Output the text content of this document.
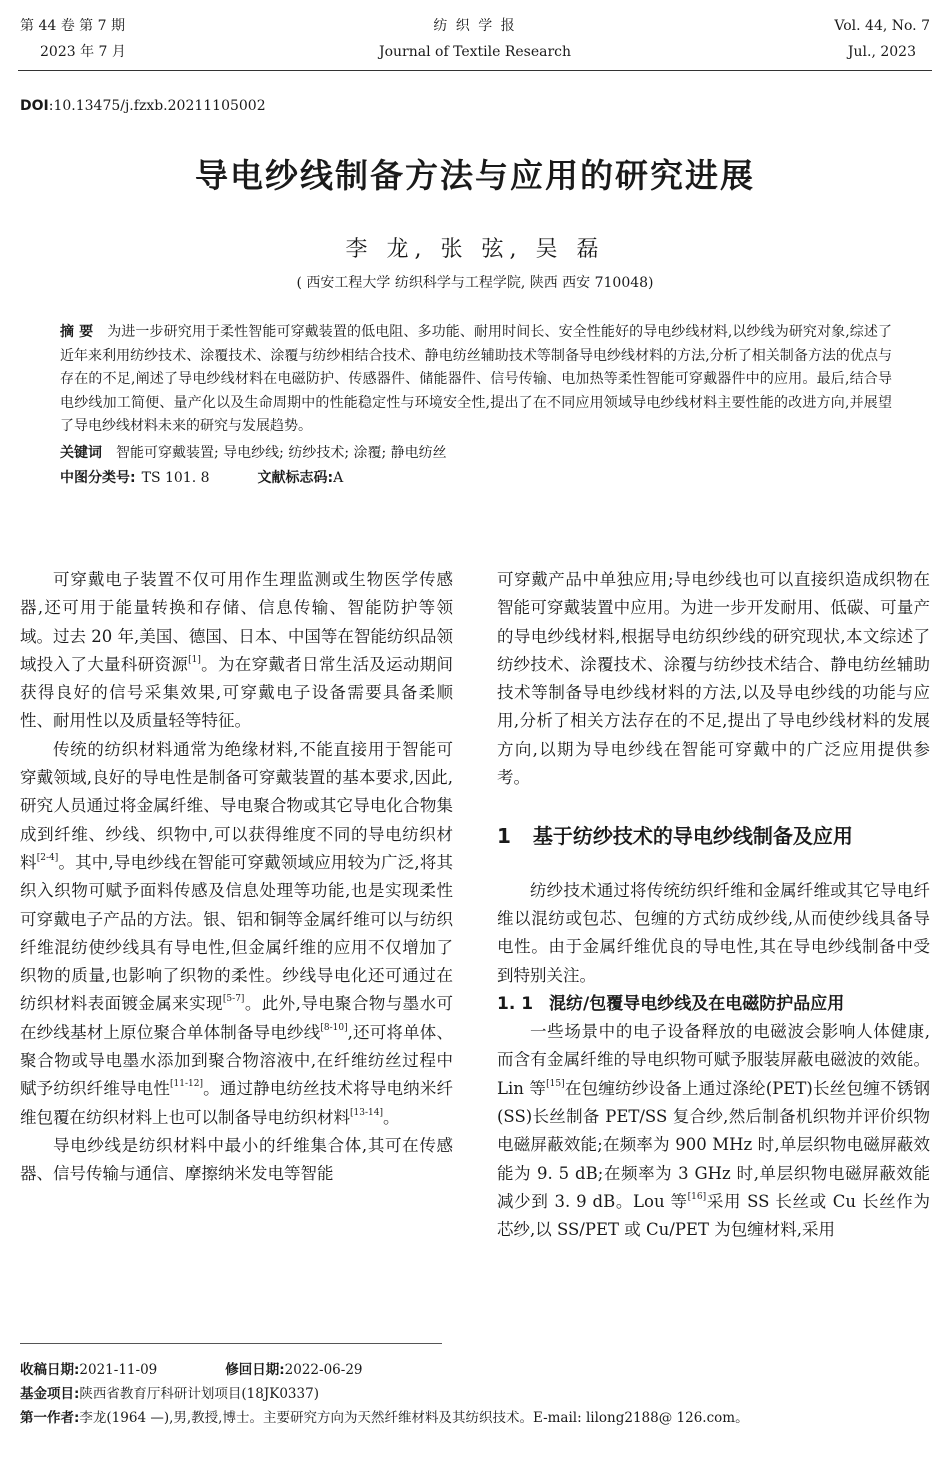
第 44 卷 第 7 期
2023 年 7 月
纺 织 学 报
Journal of Textile Research
Vol. 44, No. 7
Jul., 2023
DOI:10.13475/j.fzxb.20211105002
导电纱线制备方法与应用的研究进展
李 龙, 张 弦, 吴 磊
( 西安工程大学 纺织科学与工程学院, 陕西 西安 710048)
摘 要 为进一步研究用于柔性智能可穿戴装置的低电阻、多功能、耐用时间长、安全性能好的导电纱线材料,以纱线为研究对象,综述了近年来利用纺纱技术、涂覆技术、涂覆与纺纱相结合技术、静电纺丝辅助技术等制备导电纱线材料的方法,分析了相关制备方法的优点与存在的不足,阐述了导电纱线材料在电磁防护、传感器件、储能器件、信号传输、电加热等柔性智能可穿戴器件中的应用。最后,结合导电纱线加工简便、量产化以及生命周期中的性能稳定性与环境安全性,提出了在不同应用领域导电纱线材料主要性能的改进方向,并展望了导电纱线材料未来的研究与发展趋势。
关键词 智能可穿戴装置; 导电纱线; 纺纱技术; 涂覆; 静电纺丝
中图分类号: TS 101. 8	文献标志码:A

可穿戴电子装置不仅可用作生理监测或生物医学传感器,还可用于能量转换和存储、信息传输、智能防护等领域。过去 20 年,美国、德国、日本、中国等在智能纺织品领域投入了大量科研资源[1]。为在穿戴者日常生活及运动期间获得良好的信号采集效果,可穿戴电子设备需要具备柔顺性、耐用性以及质量轻等特征。

传统的纺织材料通常为绝缘材料,不能直接用于智能可穿戴领域,良好的导电性是制备可穿戴装置的基本要求,因此,研究人员通过将金属纤维、导电聚合物或其它导电化合物集成到纤维、纱线、织物中,可以获得维度不同的导电纺织材料[2-4]。其中,导电纱线在智能可穿戴领域应用较为广泛,将其织入织物可赋予面料传感及信息处理等功能,也是实现柔性可穿戴电子产品的方法。银、铝和铜等金属纤维可以与纺织纤维混纺使纱线具有导电性,但金属纤维的应用不仅增加了织物的质量,也影响了织物的柔性。纱线导电化还可通过在纺织材料表面镀金属来实现[5-7]。此外,导电聚合物与墨水可在纱线基材上原位聚合单体制备导电纱线[8-10],还可将单体、聚合物或导电墨水添加到聚合物溶液中,在纤维纺丝过程中赋予纺织纤维导电性[11-12]。通过静电纺丝技术将导电纳米纤维包覆在纺织材料上也可以制备导电纺织材料[13-14]。

导电纱线是纺织材料中最小的纤维集合体,其可在传感器、信号传输与通信、摩擦纳米发电等智能

可穿戴产品中单独应用;导电纱线也可以直接织造成织物在智能可穿戴装置中应用。为进一步开发耐用、低碳、可量产的导电纱线材料,根据导电纺织纱线的研究现状,本文综述了纺纱技术、涂覆技术、涂覆与纺纱技术结合、静电纺丝辅助技术等制备导电纱线材料的方法,以及导电纱线的功能与应用,分析了相关方法存在的不足,提出了导电纱线材料的发展方向,以期为导电纱线在智能可穿戴中的广泛应用提供参考。

1 基于纺纱技术的导电纱线制备及应用

纺纱技术通过将传统纺织纤维和金属纤维或其它导电纤维以混纺或包芯、包缠的方式纺成纱线,从而使纱线具备导电性。由于金属纤维优良的导电性,其在导电纱线制备中受到特别关注。

1. 1 混纺/包覆导电纱线及在电磁防护品应用

一些场景中的电子设备释放的电磁波会影响人体健康,而含有金属纤维的导电织物可赋予服装屏蔽电磁波的效能。Lin 等[15]在包缠纺纱设备上通过涤纶(PET)长丝包缠不锈钢(SS)长丝制备 PET/SS 复合纱,然后制备机织物并评价织物电磁屏蔽效能;在频率为 900 MHz 时,单层织物电磁屏蔽效能为 9. 5 dB;在频率为 3 GHz 时,单层织物电磁屏蔽效能减少到 3. 9 dB。Lou 等[16]采用 SS 长丝或 Cu 长丝作为芯纱,以 SS/PET 或 Cu/PET 为包缠材料,采用

收稿日期:2021-11-09	修回日期:2022-06-29
基金项目:陕西省教育厅科研计划项目(18JK0337)
第一作者:李龙(1964 —),男,教授,博士。主要研究方向为天然纤维材料及其纺织技术。E-mail: lilong2188@ 126.com。
